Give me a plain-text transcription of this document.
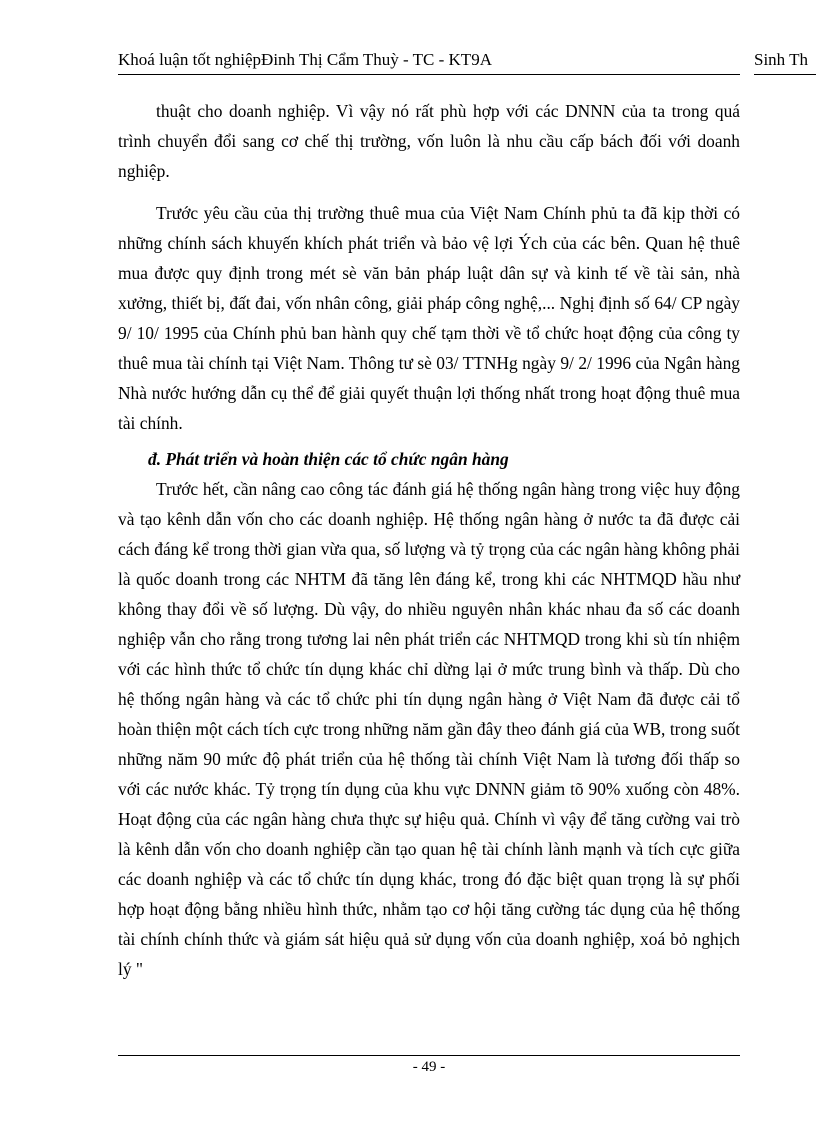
Khoá luận tốt nghiệpĐinh Thị Cẩm Thuỳ - TC - KT9A	Sinh Th

thuật cho doanh nghiệp. Vì vậy nó rất phù hợp với các DNNN của ta trong quá trình chuyển đổi sang cơ chế thị trường, vốn luôn là nhu cầu cấp bách đối với doanh nghiệp.

Trước yêu cầu của thị trường thuê mua của Việt Nam Chính phủ ta đã kịp thời có những chính sách khuyến khích phát triển và bảo vệ lợi Ých của các bên. Quan hệ thuê mua được quy định trong mét sè văn bản pháp luật dân sự và kinh tế về tài sản, nhà xưởng, thiết bị, đất đai, vốn nhân công, giải pháp công nghệ,... Nghị định số 64/ CP ngày 9/ 10/ 1995 của Chính phủ ban hành quy chế tạm thời về tổ chức hoạt động của công ty thuê mua tài chính tại Việt Nam. Thông tư sè 03/ TTNHg ngày 9/ 2/ 1996 của Ngân hàng Nhà nước hướng dẫn cụ thể để giải quyết thuận lợi thống nhất trong hoạt động thuê mua tài chính.

đ. Phát triển và hoàn thiện các tổ chức ngân hàng

Trước hết, cần nâng cao công tác đánh giá hệ thống ngân hàng trong việc huy động và tạo kênh dẫn vốn cho các doanh nghiệp. Hệ thống ngân hàng ở nước ta đã được cải cách đáng kể trong thời gian vừa qua, số lượng và tỷ trọng của các ngân hàng không phải là quốc doanh trong các NHTM đã tăng lên đáng kể, trong khi các NHTMQD hầu như không thay đổi về số lượng. Dù vậy, do nhiều nguyên nhân khác nhau đa số các doanh nghiệp vẫn cho rằng trong tương lai nên phát triển các NHTMQD trong khi sù tín nhiệm với các hình thức tổ chức tín dụng khác chỉ dừng lại ở mức trung bình và thấp. Dù cho hệ thống ngân hàng và các tổ chức phi tín dụng ngân hàng ở Việt Nam đã được cải tổ hoàn thiện một cách tích cực trong những năm gần đây theo đánh giá của WB, trong suốt những năm 90 mức độ phát triển của hệ thống tài chính Việt Nam là tương đối thấp so với các nước khác. Tỷ trọng tín dụng của khu vực DNNN giảm tõ 90% xuống còn 48%. Hoạt động của các ngân hàng chưa thực sự hiệu quả. Chính vì vậy để tăng cường vai trò là kênh dẫn vốn cho doanh nghiệp cần tạo quan hệ tài chính lành mạnh và tích cực giữa các doanh nghiệp và các tổ chức tín dụng khác, trong đó đặc biệt quan trọng là sự phối hợp hoạt động bằng nhiều hình thức, nhằm tạo cơ hội tăng cường tác dụng của hệ thống tài chính chính thức và giám sát hiệu quả sử dụng vốn của doanh nghiệp, xoá bỏ nghịch lý "

- 49 -
